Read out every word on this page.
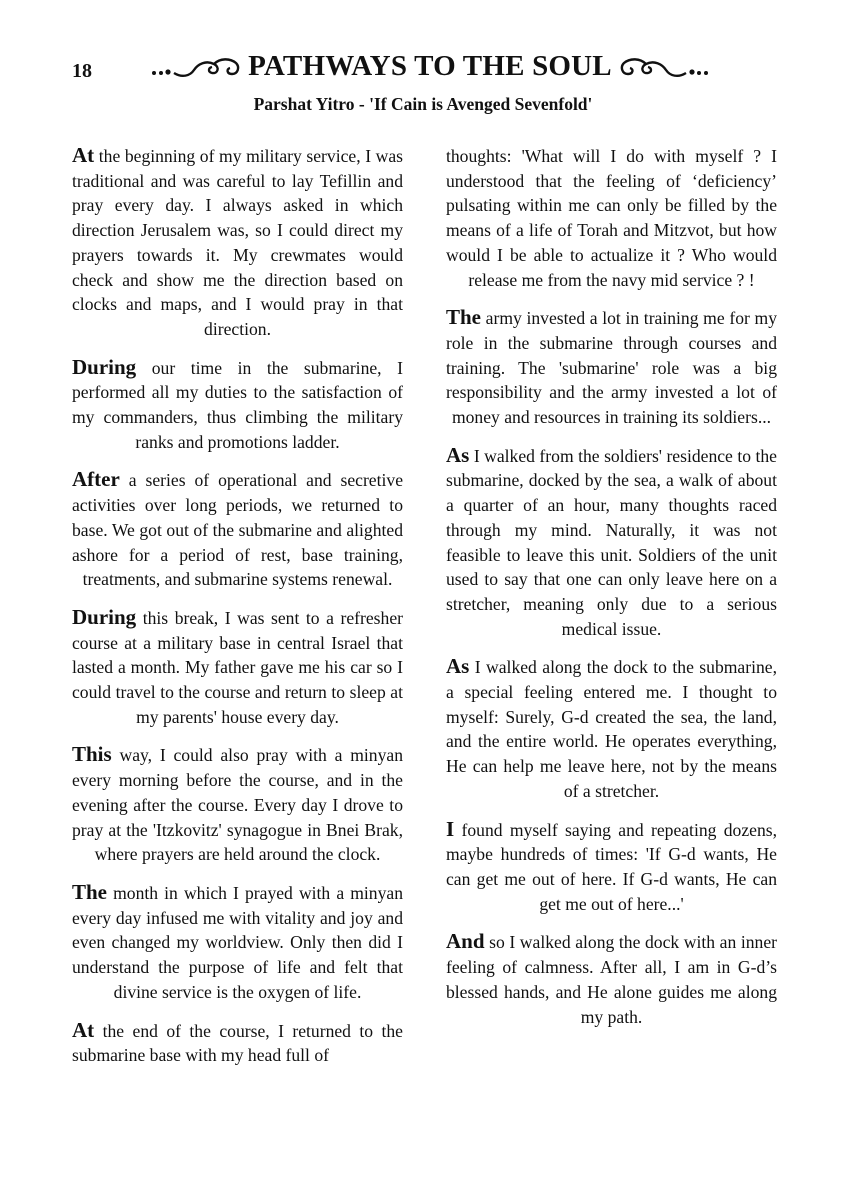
18	PATHWAYS TO THE SOUL
Parshat Yitro - 'If Cain is Avenged Sevenfold'

At the beginning of my military service, I was traditional and was careful to lay Tefillin and pray every day. I always asked in which direction Jerusalem was, so I could direct my prayers towards it. My crewmates would check and show me the direction based on clocks and maps, and I would pray in that direction.

During our time in the submarine, I performed all my duties to the satisfaction of my commanders, thus climbing the military ranks and promotions ladder.

After a series of operational and secretive activities over long periods, we returned to base. We got out of the submarine and alighted ashore for a period of rest, base training, treatments, and submarine systems renewal.

During this break, I was sent to a refresher course at a military base in central Israel that lasted a month. My father gave me his car so I could travel to the course and return to sleep at my parents' house every day.

This way, I could also pray with a minyan every morning before the course, and in the evening after the course. Every day I drove to pray at the 'Itzkovitz' synagogue in Bnei Brak, where prayers are held around the clock.

The month in which I prayed with a minyan every day infused me with vitality and joy and even changed my worldview. Only then did I understand the purpose of life and felt that divine service is the oxygen of life.

At the end of the course, I returned to the submarine base with my head full of

thoughts: 'What will I do with myself ? I understood that the feeling of ‘deficiency’ pulsating within me can only be filled by the means of a life of Torah and Mitzvot, but how would I be able to actualize it ? Who would release me from the navy mid service ? !

The army invested a lot in training me for my role in the submarine through courses and training. The 'submarine' role was a big responsibility and the army invested a lot of money and resources in training its soldiers...

As I walked from the soldiers' residence to the submarine, docked by the sea, a walk of about a quarter of an hour, many thoughts raced through my mind. Naturally, it was not feasible to leave this unit. Soldiers of the unit used to say that one can only leave here on a stretcher, meaning only due to a serious medical issue.

As I walked along the dock to the submarine, a special feeling entered me. I thought to myself: Surely, G-d created the sea, the land, and the entire world. He operates everything, He can help me leave here, not by the means of a stretcher.

I found myself saying and repeating dozens, maybe hundreds of times: 'If G-d wants, He can get me out of here. If G-d wants, He can get me out of here...'

And so I walked along the dock with an inner feeling of calmness. After all, I am in G-d’s blessed hands, and He alone guides me along my path.
